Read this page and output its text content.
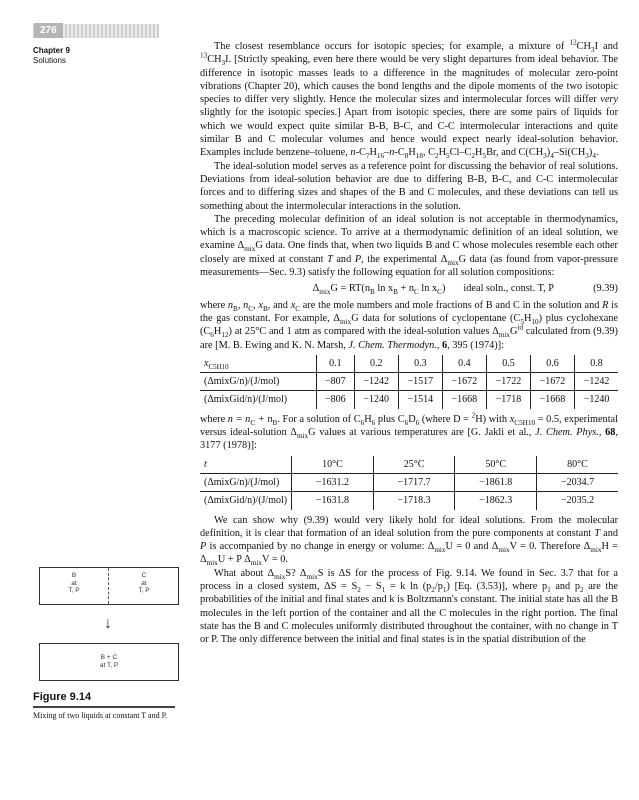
276
Chapter 9
Solutions

The closest resemblance occurs for isotopic species; for example, a mixture of $^{12}CH_3I$ and $^{13}CH_3I$. [Strictly speaking, even here there would be very slight departures from ideal behavior. The difference in isotopic masses leads to a difference in the magnitudes of molecular zero-point vibrations (Chapter 20), which causes the bond lengths and the dipole moments of the two isotopic species to differ very slightly. Hence the molecular sizes and intermolecular forces will differ very slightly for the isotopic species.] Apart from isotopic species, there are some pairs of liquids for which we would expect quite similar B-B, B-C, and C-C intermolecular interactions and quite similar B and C molecular volumes and hence would expect nearly ideal-solution behavior. Examples include benzene–toluene, $n-C_7H_{16}-n-C_8H_{18}$, $C_2H_5Cl-C_2H_5Br$, and $C(CH_3)_4-Si(CH_3)_4$.

The ideal-solution model serves as a reference point for discussing the behavior of real solutions. Deviations from ideal-solution behavior are due to differing B-B, B-C, and C-C intermolecular forces and to differing sizes and shapes of the B and C molecules, and these deviations can tell us something about the intermolecular interactions in the solution.

The preceding molecular definition of an ideal solution is not acceptable in thermodynamics, which is a macroscopic science. To arrive at a thermodynamic definition of an ideal solution, we examine $\Delta_{mix}G$ data. One finds that, when two liquids B and C whose molecules resemble each other closely are mixed at constant T and P, the experimental $\Delta_{mix}G$ data (as found from vapor-pressure measurements—Sec. 9.3) satisfy the following equation for all solution compositions:

$\Delta_{mix}G = RT(n_B$ $\ln x_B + n_C$ $\ln x_C$) ideal soln., const. T, P	(9.39)

where $n_B$, $n_C$, $x_B$, and $x_C$ are the mole numbers and mole fractions of B and C in the solution and R is the gas constant. For example, $\Delta_{mix}G$ data for solutions of cyclopentane $(C_5H_{10})$ plus cyclohexane $(C_6H_{12})$ at 25°C and 1 atm as compared with the ideal-solution values $\Delta_{mix}G^{id}$ calculated from (9.39) are [M. B. Ewing and K. N. Marsh, J. Chem. Thermodyn., 6, 395 (1974)]:

$x_{C5H10}$	0.1	0.2	0.3	0.4	0.5	0.6	0.8
(ΔmixG/n)/(J/mol)	−807	−1242	−1517	−1672	−1722	−1672	−1242
(ΔmixGid/n)/(J/mol)	−806	−1240	−1514	−1668	−1718	−1668	−1240

where $n = n_C + n_B$. For a solution of $C_6H_6$ plus $C_6D_6$ (where D = $^2$H) with $x_{C5H10} = 0.5$, experimental versus ideal-solution $\Delta_{mix}G$ values at various temperatures are [G. Jakli et al., J. Chem. Phys., 68, 3177 (1978)]:

t	10°C	25°C	50°C	80°C
(ΔmixG/n)/(J/mol)	−1631.2	−1717.7	−1861.8	−2034.7
(ΔmixGid/n)/(J/mol)	−1631.8	−1718.3	−1862.3	−2035.2

We can show why (9.39) would very likely hold for ideal solutions. From the molecular definition, it is clear that formation of an ideal solution from the pure components at constant T and P is accompanied by no change in energy or volume: $\Delta_{mix}U = 0$ and $\Delta_{mix}V = 0$. Therefore $\Delta_{mix}H = \Delta_{mix}U + P$ $\Delta_{mix}V = 0$.

What about $\Delta_{mix}S$? $\Delta_{mix}S$ is ΔS for the process of Fig. 9.14. We found in Sec. 3.7 that for a process in a closed system, $\Delta S = S_2 - S_1 = k$ $\ln (p_2/p_1)$ [Eq. (3.53)], where $p_1$ and $p_2$ are the probabilities of the initial and final states and k is Boltzmann's constant. The initial state has all the B molecules in the left portion of the container and all the C molecules in the right portion. The final state has the B and C molecules uniformly distributed throughout the container, with no change in T or P. The only difference between the initial and final states is in the spatial distribution of the

B
at
T, P
C
at
T, P
↓
B + C
at T, P
Figure 9.14
Mixing of two liquids at constant T and P.
